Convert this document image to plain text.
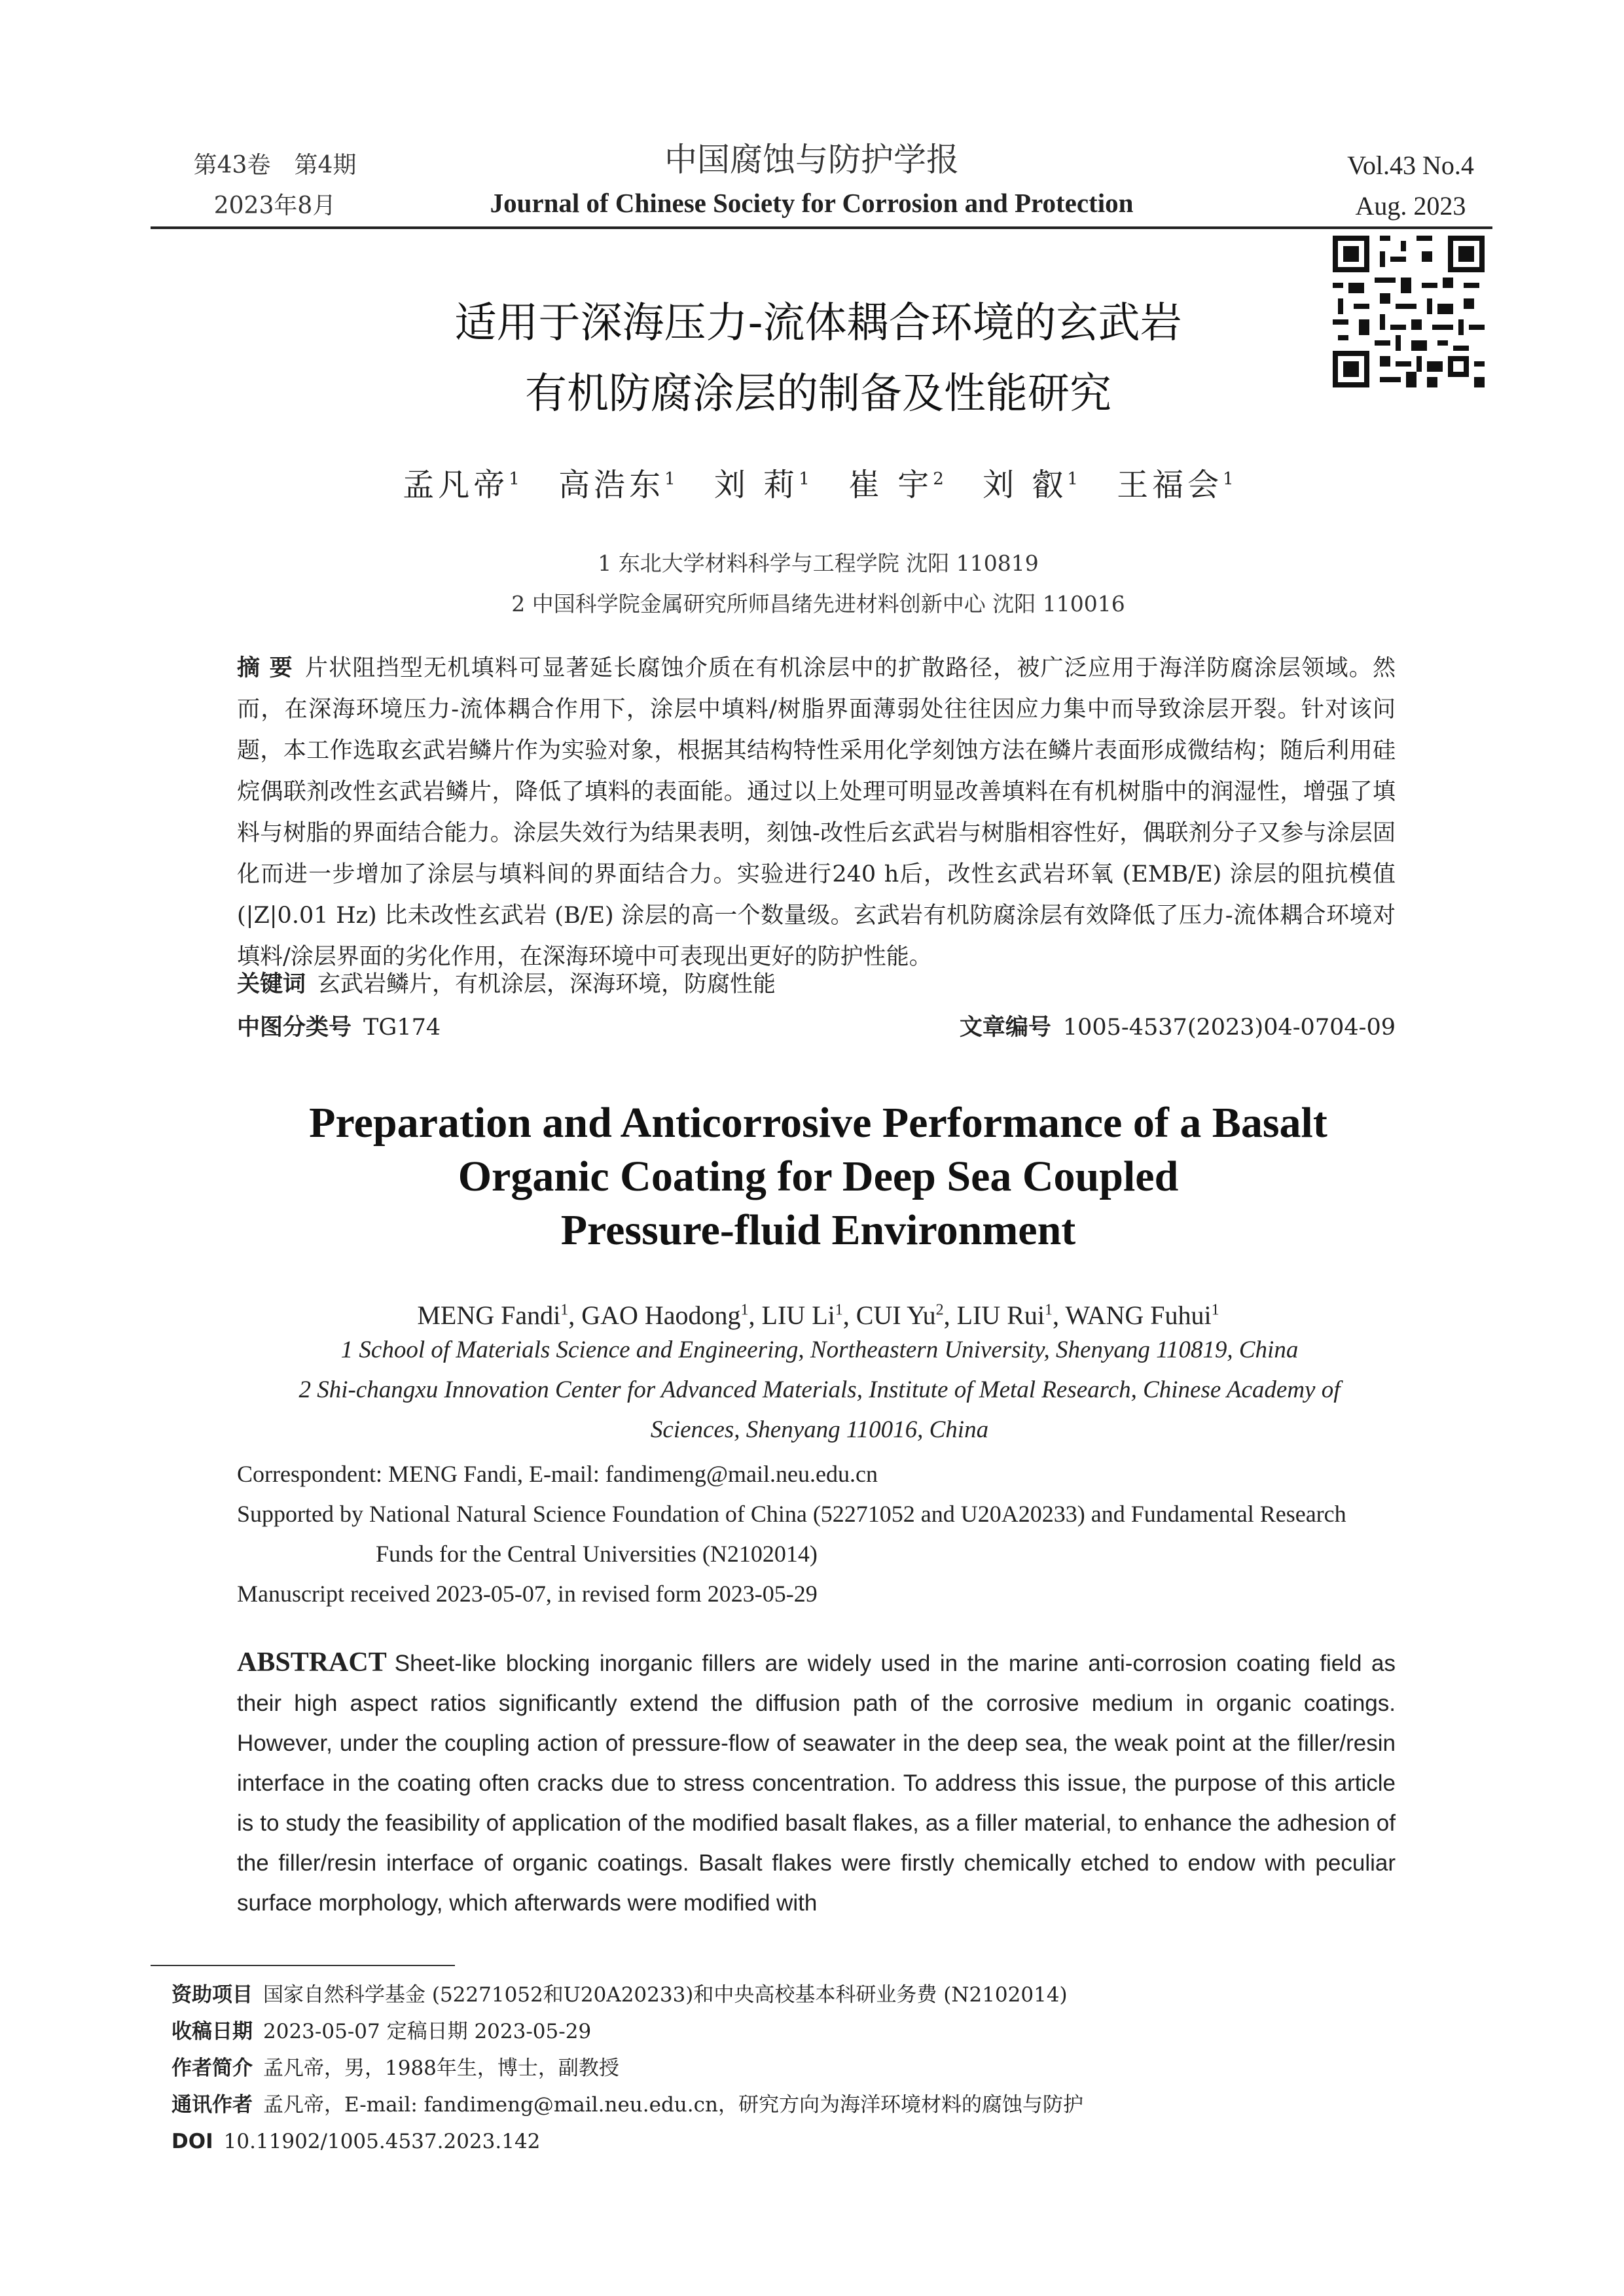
第43卷　第4期
2023年8月
中国腐蚀与防护学报
Journal of Chinese Society for Corrosion and Protection
Vol.43 No.4
Aug. 2023
适用于深海压力-流体耦合环境的玄武岩
有机防腐涂层的制备及性能研究
孟凡帝$^1$ 高浩东$^1$ 刘 莉$^1$ 崔 宇$^2$ 刘 叡$^1$ 王福会$^1$
1 东北大学材料科学与工程学院 沈阳 110819
2 中国科学院金属研究所师昌绪先进材料创新中心 沈阳 110016
摘 要 片状阻挡型无机填料可显著延长腐蚀介质在有机涂层中的扩散路径，被广泛应用于海洋防腐涂层领域。然而，在深海环境压力-流体耦合作用下，涂层中填料/树脂界面薄弱处往往因应力集中而导致涂层开裂。针对该问题，本工作选取玄武岩鳞片作为实验对象，根据其结构特性采用化学刻蚀方法在鳞片表面形成微结构；随后利用硅烷偶联剂改性玄武岩鳞片，降低了填料的表面能。通过以上处理可明显改善填料在有机树脂中的润湿性，增强了填料与树脂的界面结合能力。涂层失效行为结果表明，刻蚀-改性后玄武岩与树脂相容性好，偶联剂分子又参与涂层固化而进一步增加了涂层与填料间的界面结合力。实验进行240 h后，改性玄武岩环氧 (EMB/E) 涂层的阻抗模值 (|Z|0.01 Hz) 比未改性玄武岩 (B/E) 涂层的高一个数量级。玄武岩有机防腐涂层有效降低了压力-流体耦合环境对填料/涂层界面的劣化作用，在深海环境中可表现出更好的防护性能。
关键词 玄武岩鳞片，有机涂层，深海环境，防腐性能
中图分类号 TG174	文章编号 1005-4537(2023)04-0704-09
Preparation and Anticorrosive Performance of a Basalt
Organic Coating for Deep Sea Coupled
Pressure-fluid Environment
MENG Fandi$^1$, GAO Haodong$^1$, LIU Li$^1$, CUI Yu$^2$, LIU Rui$^1$, WANG Fuhui$^1$
1 School of Materials Science and Engineering, Northeastern University, Shenyang 110819, China
2 Shi-changxu Innovation Center for Advanced Materials, Institute of Metal Research, Chinese Academy of
Sciences, Shenyang 110016, China
Correspondent: MENG Fandi, E-mail: fandimeng@mail.neu.edu.cn
Supported by National Natural Science Foundation of China (52271052 and U20A20233) and Fundamental Research
Funds for the Central Universities (N2102014)
Manuscript received 2023-05-07, in revised form 2023-05-29
ABSTRACT Sheet-like blocking inorganic fillers are widely used in the marine anti-corrosion coating field as their high aspect ratios significantly extend the diffusion path of the corrosive medium in organic coatings. However, under the coupling action of pressure-flow of seawater in the deep sea, the weak point at the filler/resin interface in the coating often cracks due to stress concentration. To address this issue, the purpose of this article is to study the feasibility of application of the modified basalt flakes, as a filler material, to enhance the adhesion of the filler/resin interface of organic coatings. Basalt flakes were firstly chemically etched to endow with peculiar surface morphology, which afterwards were modified with
资助项目 国家自然科学基金 (52271052和U20A20233)和中央高校基本科研业务费 (N2102014)
收稿日期 2023-05-07 定稿日期 2023-05-29
作者简介 孟凡帝，男，1988年生，博士，副教授
通讯作者 孟凡帝，E-mail: fandimeng@mail.neu.edu.cn，研究方向为海洋环境材料的腐蚀与防护
DOI 10.11902/1005.4537.2023.142
